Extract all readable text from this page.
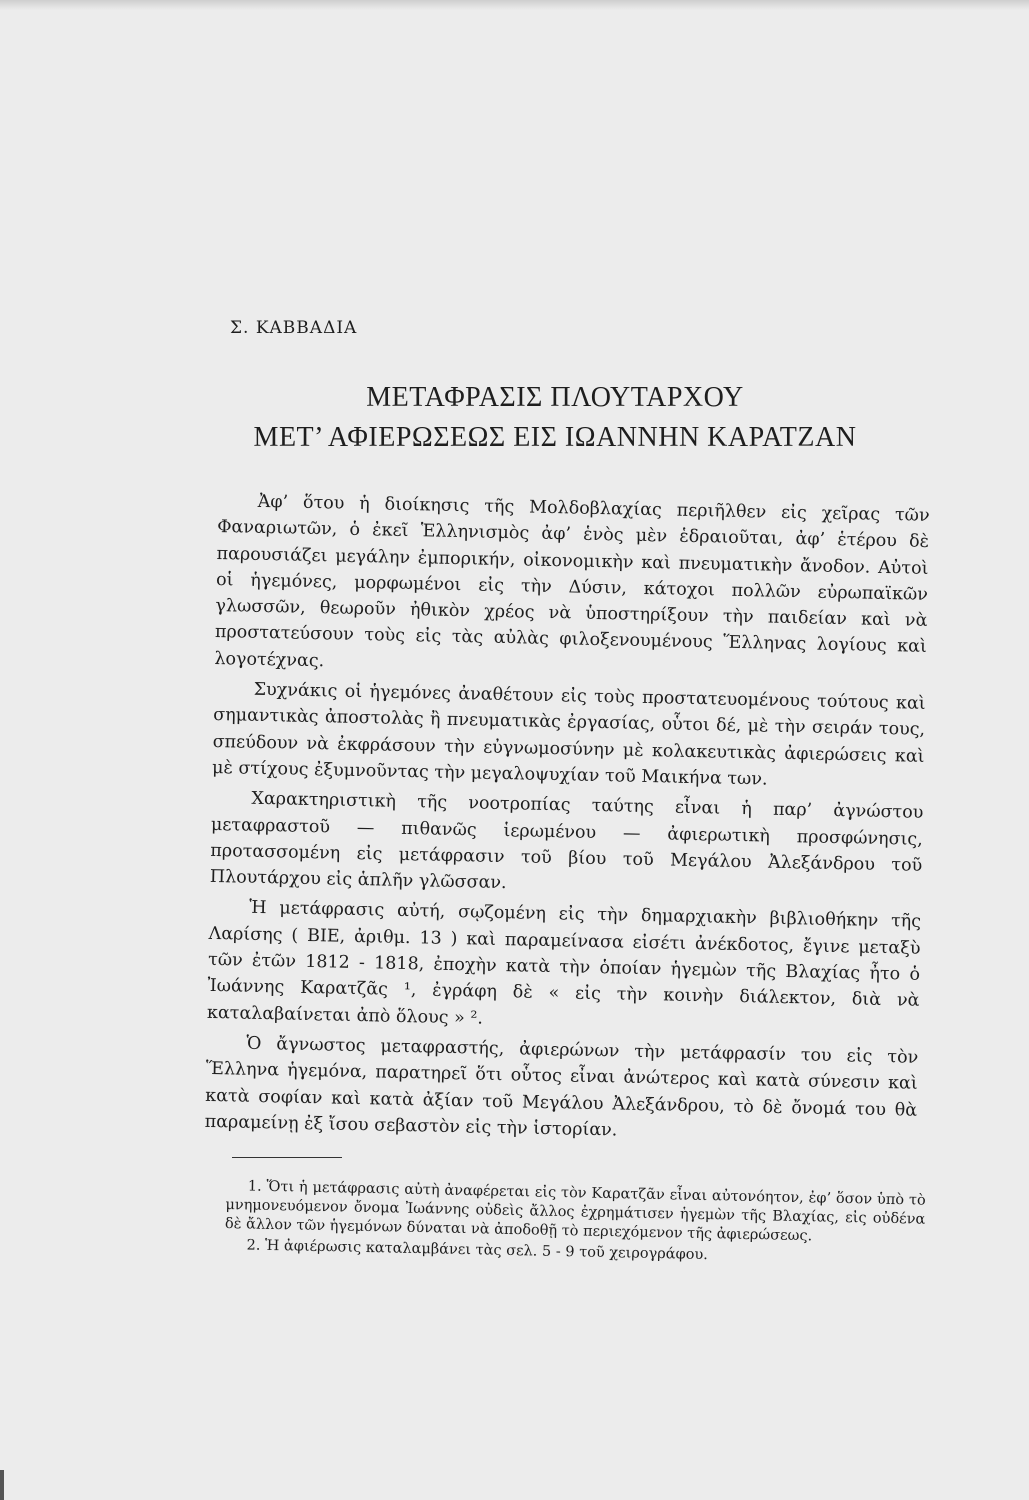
Σ. ΚΑΒΒΑΔΙΑ
ΜΕΤΑΦΡΑΣΙΣ ΠΛΟΥΤΑΡΧΟΥ
ΜΕΤ’ ΑΦΙΕΡΩΣΕΩΣ ΕΙΣ ΙΩΑΝΝΗΝ ΚΑΡΑΤΖΑΝ

Ἀφ’ ὅτου ἡ διοίκησις τῆς Μολδοβλαχίας περιῆλθεν εἰς χεῖρας τῶν Φαναριωτῶν, ὁ ἐκεῖ Ἑλληνισμὸς ἀφ’ ἑνὸς μὲν ἑδραιοῦται, ἀφ’ ἑτέρου δὲ παρουσιάζει μεγάλην ἐμπορικήν, οἰκονομικὴν καὶ πνευματικὴν ἄνοδον. Αὐτοὶ οἱ ἡγεμόνες, μορφωμένοι εἰς τὴν Δύσιν, κάτοχοι πολλῶν εὐρωπαϊκῶν γλωσσῶν, θεωροῦν ἠθικὸν χρέος νὰ ὑποστηρίξουν τὴν παιδείαν καὶ νὰ προστατεύσουν τοὺς εἰς τὰς αὐλὰς φιλοξενουμένους Ἕλληνας λογίους καὶ λογοτέχνας.

Συχνάκις οἱ ἡγεμόνες ἀναθέτουν εἰς τοὺς προστατευομένους τούτους καὶ σημαντικὰς ἀποστολὰς ἢ πνευματικὰς ἐργασίας, οὗτοι δέ, μὲ τὴν σειράν τους, σπεύδουν νὰ ἐκφράσουν τὴν εὐγνωμοσύνην μὲ κολακευτικὰς ἀφιερώσεις καὶ μὲ στίχους ἐξυμνοῦντας τὴν μεγαλοψυχίαν τοῦ Μαικήνα των.

Χαρακτηριστικὴ τῆς νοοτροπίας ταύτης εἶναι ἡ παρ’ ἀγνώστου μεταφραστοῦ — πιθανῶς ἱερωμένου — ἀφιερωτικὴ προσφώνησις, προτασσομένη εἰς μετάφρασιν τοῦ βίου τοῦ Μεγάλου Ἀλεξάνδρου τοῦ Πλουτάρχου εἰς ἁπλῆν γλῶσσαν.

Ἡ μετάφρασις αὐτή, σῳζομένη εἰς τὴν δημαρχιακὴν βιβλιοθήκην τῆς Λαρίσης ( ΒΙΕ, ἀριθμ. 13 ) καὶ παραμείνασα εἰσέτι ἀνέκδοτος, ἔγινε μεταξὺ τῶν ἐτῶν 1812 - 1818, ἐποχὴν κατὰ τὴν ὁποίαν ἡγεμὼν τῆς Βλαχίας ἦτο ὁ Ἰωάννης Καρατζᾶς ¹, ἐγράφη δὲ « εἰς τὴν κοινὴν διάλεκτον, διὰ νὰ καταλαβαίνεται ἀπὸ ὅλους » ².

Ὁ ἄγνωστος μεταφραστής, ἀφιερώνων τὴν μετάφρασίν του εἰς τὸν Ἕλληνα ἡγεμόνα, παρατηρεῖ ὅτι οὗτος εἶναι ἀνώτερος καὶ κατὰ σύνεσιν καὶ κατὰ σοφίαν καὶ κατὰ ἀξίαν τοῦ Μεγάλου Ἀλεξάνδρου, τὸ δὲ ὄνομά του θὰ παραμείνῃ ἐξ ἴσου σεβαστὸν εἰς τὴν ἱστορίαν.

1. Ὅτι ἡ μετάφρασις αὐτὴ ἀναφέρεται εἰς τὸν Καρατζᾶν εἶναι αὐτονόητον, ἐφ’ ὅσον ὑπὸ τὸ μνημονευόμενον ὄνομα Ἰωάννης οὐδεὶς ἄλλος ἐχρημάτισεν ἡγεμὼν τῆς Βλαχίας, εἰς οὐδένα δὲ ἄλλον τῶν ἡγεμόνων δύναται νὰ ἀποδοθῇ τὸ περιεχόμενον τῆς ἀφιερώσεως.

2. Ἡ ἀφιέρωσις καταλαμβάνει τὰς σελ. 5 - 9 τοῦ χειρογράφου.
